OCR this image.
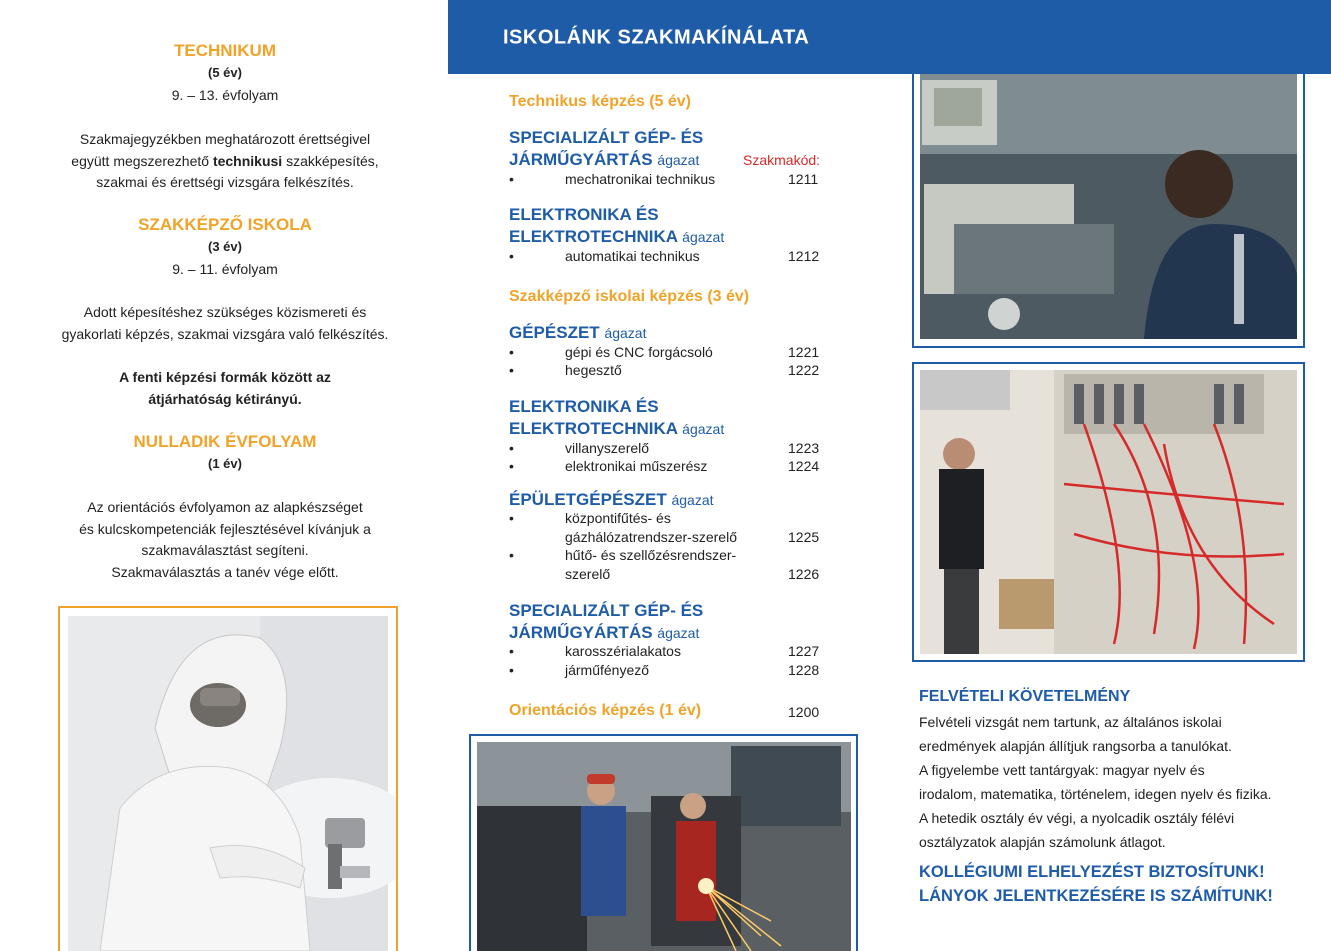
TECHNIKUM
(5 év)
9. – 13. évfolyam
Szakmajegyzékben meghatározott érettségivel
együtt megszerezhető technikusi szakképesítés,
szakmai és érettségi vizsgára felkészítés.
SZAKKÉPZŐ ISKOLA
(3 év)
9. – 11. évfolyam
Adott képesítéshez szükséges közismereti és
gyakorlati képzés, szakmai vizsgára való felkészítés.
A fenti képzési formák között az
átjárhatóság kétirányú.
NULLADIK ÉVFOLYAM
(1 év)
Az orientációs évfolyamon az alapkészséget
és kulcskompetenciák fejlesztésével kívánjuk a
szakmaválasztást segíteni.
Szakmaválasztás a tanév vége előtt.
ISKOLÁNK SZAKMAKÍNÁLATA
Technikus képzés (5 év)
SPECIALIZÁLT GÉP- ÉS
JÁRMŰGYÁRTÁS ágazat	Szakmakód:
•	mechatronikai technikus	1211
ELEKTRONIKA ÉS
ELEKTROTECHNIKA ágazat
•	automatikai technikus	1212
Szakképző iskolai képzés (3 év)
GÉPÉSZET ágazat
•	gépi és CNC forgácsoló	1221
•	hegesztő	1222
ELEKTRONIKA ÉS
ELEKTROTECHNIKA ágazat
•	villanyszerelő	1223
•	elektronikai műszerész	1224
ÉPÜLETGÉPÉSZET ágazat
•	központifűtés- és
gázhálózatrendszer-szerelő	1225
•	hűtő- és szellőzésrendszer-
szerelő	1226
SPECIALIZÁLT GÉP- ÉS
JÁRMŰGYÁRTÁS ágazat
•	karosszérialakatos	1227
•	járműfényező	1228
Orientációs képzés (1 év)	1200
FELVÉTELI KÖVETELMÉNY
Felvételi vizsgát nem tartunk, az általános iskolai
eredmények alapján állítjuk rangsorba a tanulókat.
A figyelembe vett tantárgyak: magyar nyelv és
irodalom, matematika, történelem, idegen nyelv és fizika.
A hetedik osztály év végi, a nyolcadik osztály félévi
osztályzatok alapján számolunk átlagot.
KOLLÉGIUMI ELHELYEZÉST BIZTOSÍTUNK!
LÁNYOK JELENTKEZÉSÉRE IS SZÁMÍTUNK!
